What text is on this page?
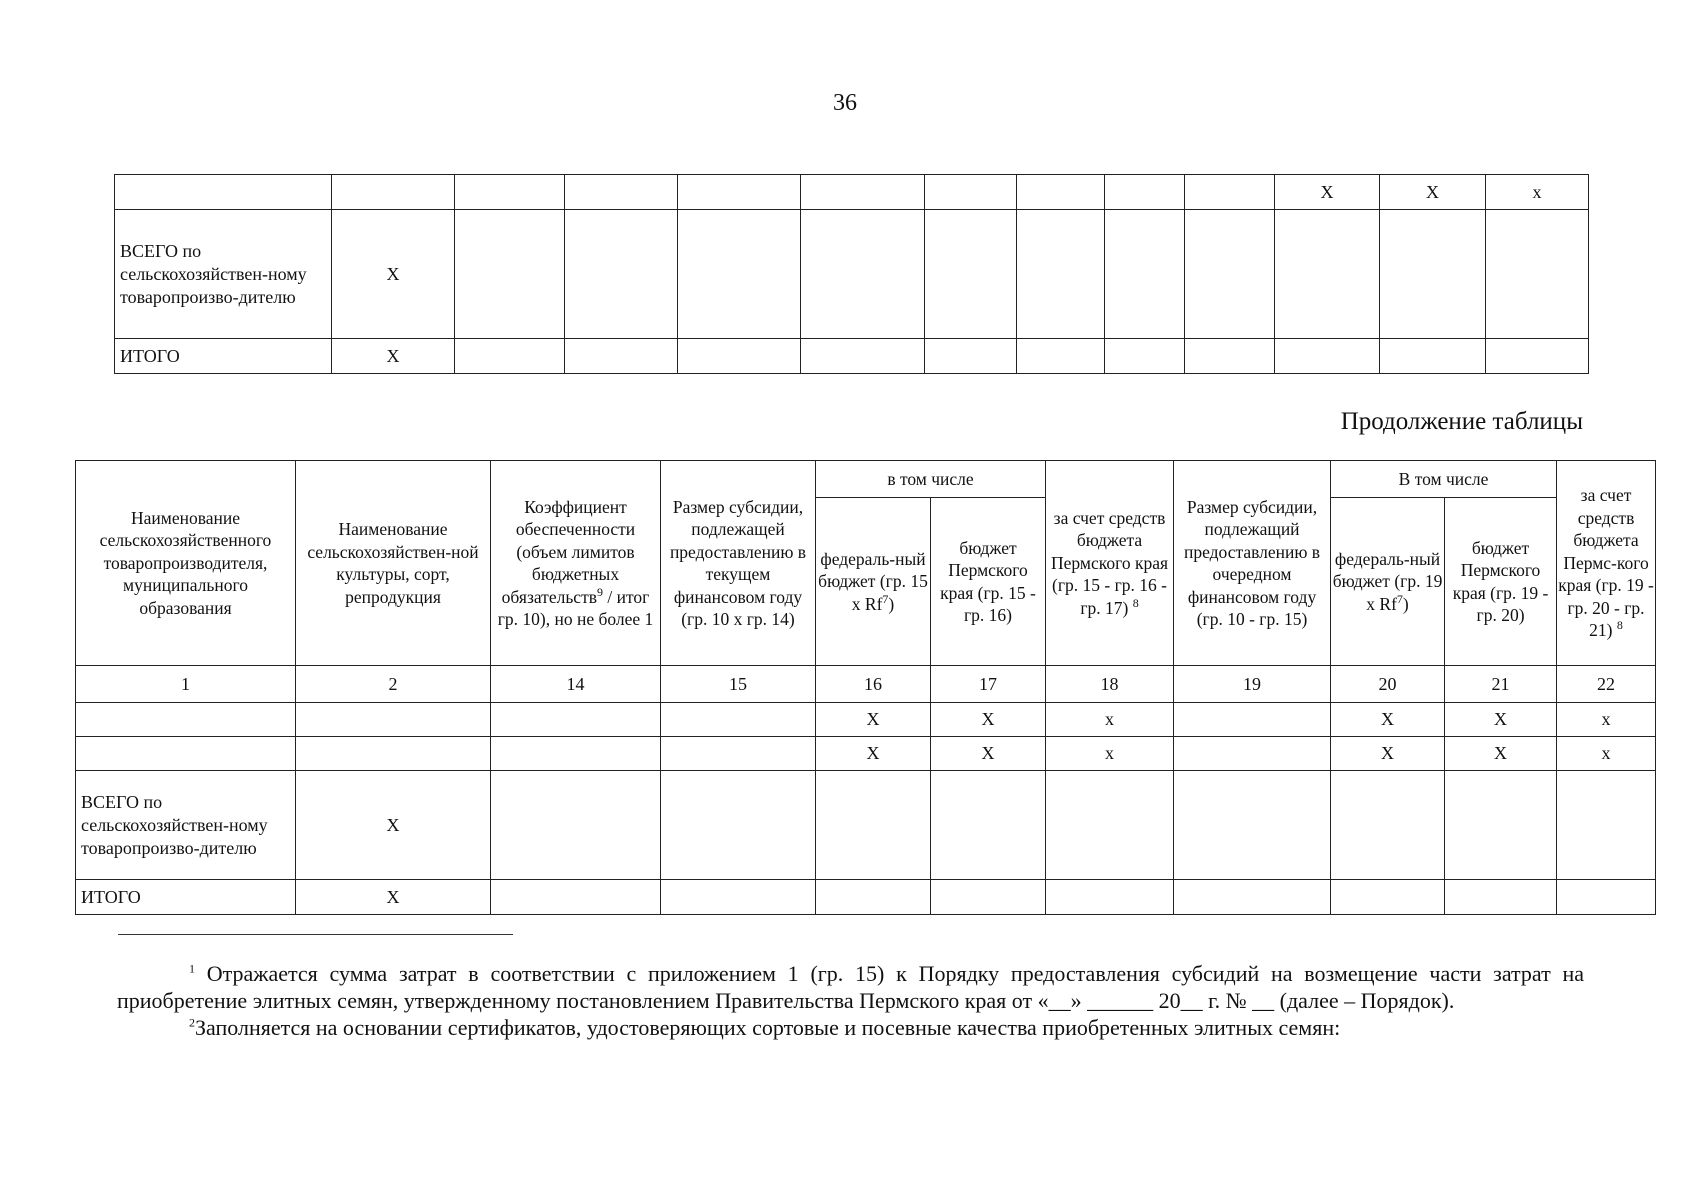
36
										X	X	х
ВСЕГО по сельскохозяйствен-ному товаропроизво-дителю	Х											
ИТОГО	Х											
Продолжение таблицы
Наименование сельскохозяйственного товаропроизводителя, муниципального образования	Наименование сельскохозяйствен-ной культуры, сорт, репродукция	Коэффициент обеспеченности (объем лимитов бюджетных обязательств$^9$ / итог гр. 10), но не более 1	Размер субсидии, подлежащей предоставлению в текущем финансовом году (гр. 10 х гр. 14)	в том числе		за счет средств бюджета Пермского края (гр. 15 - гр. 16 - гр. 17) $^8$	Размер субсидии, подлежащий предоставлению в очередном финансовом году (гр. 10 - гр. 15)	В том числе		за счет средств бюджета Пермс-кого края (гр. 19 - гр. 20 - гр. 21) $^8$
				федераль-ный бюджет (гр. 15 х Rf$^7$)	бюджет Пермского края (гр. 15 - гр. 16)			федераль-ный бюджет (гр. 19 х Rf$^7$)	бюджет Пермского края (гр. 19 - гр. 20)	
1	2	14	15	16	17	18	19	20	21	22
				Х	Х	х		Х	Х	х
				Х	Х	х		Х	Х	х
ВСЕГО по сельскохозяйствен-ному товаропроизво-дителю	Х									
ИТОГО	Х									

$^1$ Отражается сумма затрат в соответствии с приложением 1 (гр. 15) к Порядку предоставления субсидий на возмещение части затрат на приобретение элитных семян, утвержденному постановлением Правительства Пермского края от «__» ______ 20__ г. № __ (далее – Порядок).

$^2$Заполняется на основании сертификатов, удостоверяющих сортовые и посевные качества приобретенных элитных семян:
